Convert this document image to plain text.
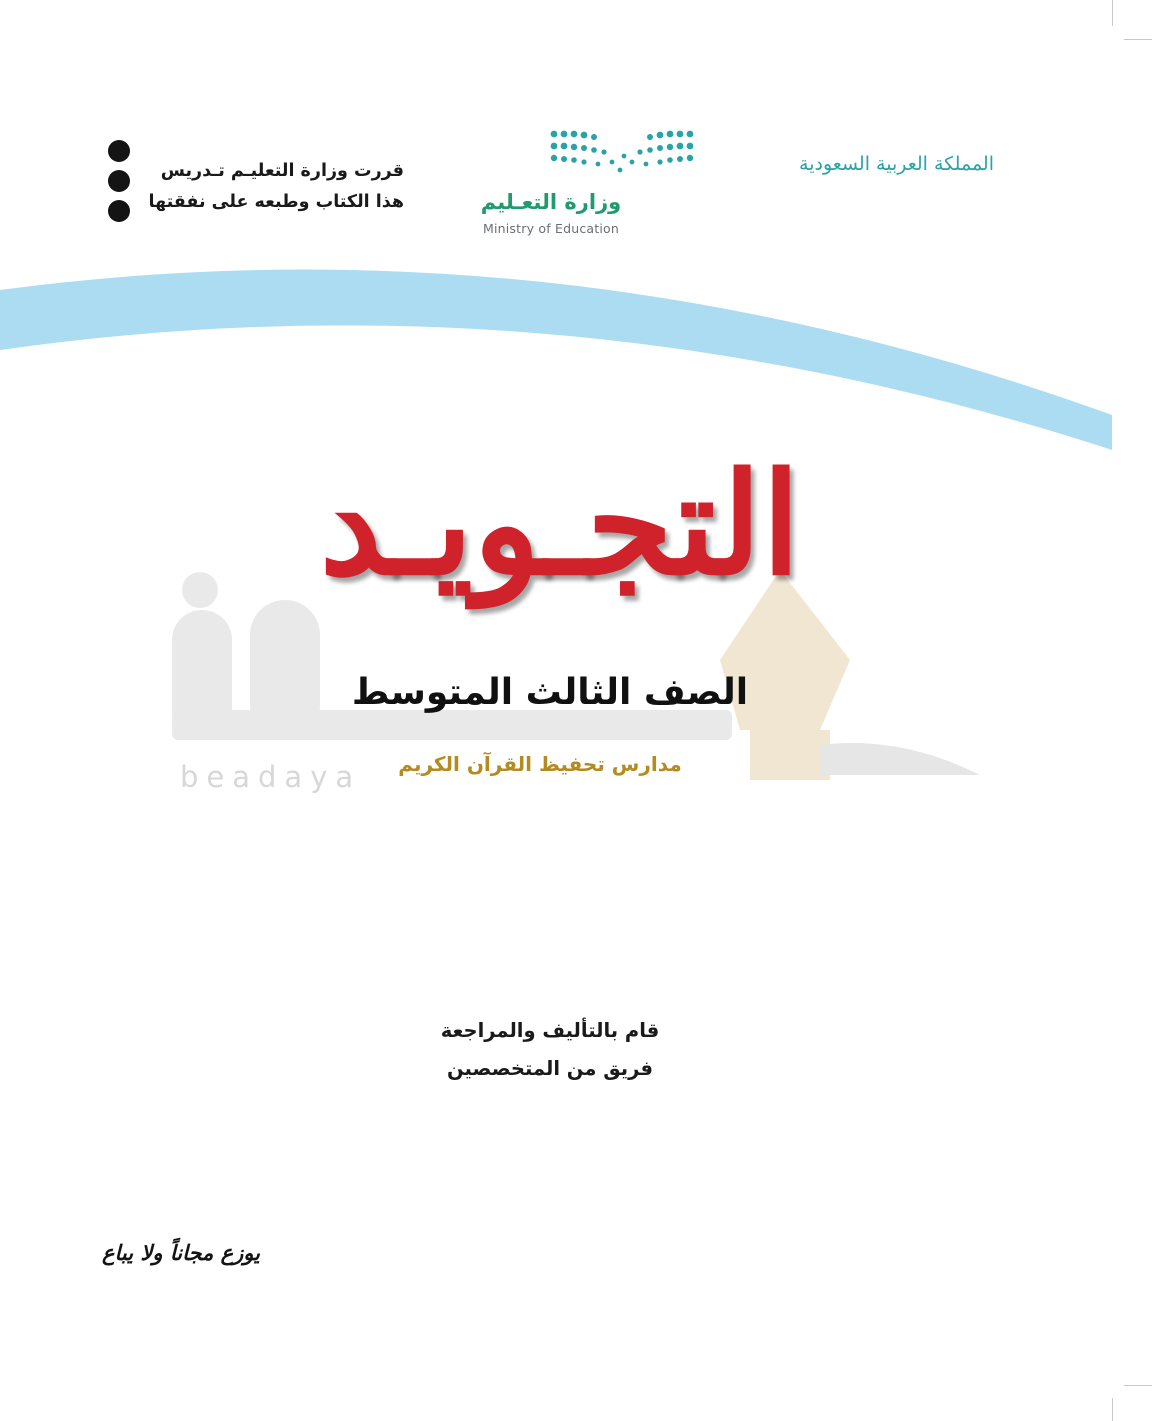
المملكة العربية السعودية
وزارة التعـليم
Ministry of Education
قررت وزارة التعليـم تـدريس
هذا الكتاب وطبعه على نفقتها
beadaya
التجـويـد
الصف الثالث المتوسط
مدارس تحفيظ القرآن الكريم
قام بالتأليف والمراجعة
فريق من المتخصصين
يوزع مجاناً ولا يباع
